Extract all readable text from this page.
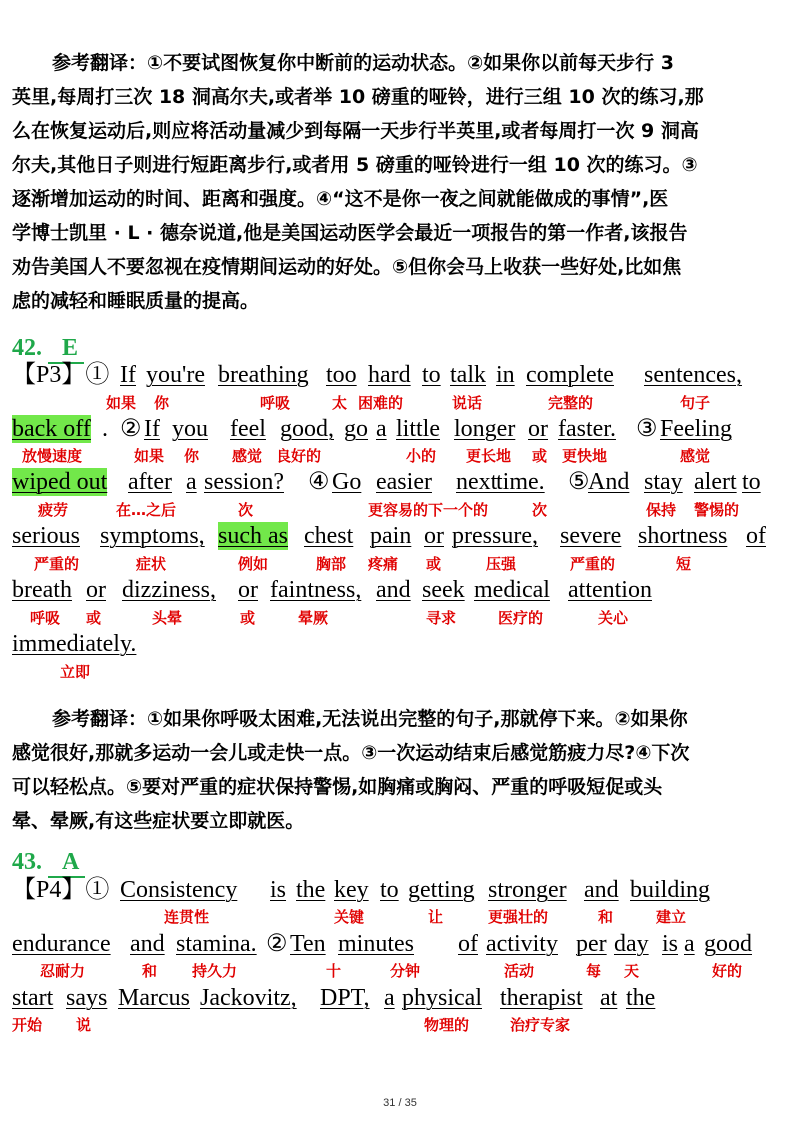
参考翻译：①不要试图恢复你中断前的运动状态。②如果你以前每天步行 3
英里,每周打三次 18 洞高尔夫,或者举 10 磅重的哑铃，进行三组 10 次的练习,那
么在恢复运动后,则应将活动量减少到每隔一天步行半英里,或者每周打一次 9 洞高
尔夫,其他日子则进行短距离步行,或者用 5 磅重的哑铃进行一组 10 次的练习。③
逐渐增加运动的时间、距离和强度。④“这不是你一夜之间就能做成的事情”,医
学博士凯里 · L · 德奈说道,他是美国运动医学会最近一项报告的第一作者,该报告
劝告美国人不要忽视在疫情期间运动的好处。⑤但你会马上收获一些好处,比如焦
虑的减轻和睡眠质量的提高。
42. E
【P3】① If you're breathing too hard to talk in complete sentences,
如果 你	呼吸	太 困难的	说话	完整的	句子
back off . ② If you feel good, go a little longer or faster. ③ Feeling
放慢速度	如果 你 感觉 良好的	小的 更长地 或 更快地	感觉
wiped out after a session? ④ Go easier next
time. ⑤
And stay alert to
疲劳	在…之后	次	更容易的下一个的	次	保持 警惕的
serious symptoms, such as chest pain or pressure, severe shortness of
严重的	症状	例如	胸部 疼痛 或	压强	严重的	短
breath or dizziness, or faintness, and seek medical attention
呼吸 或	头晕	或	晕厥	寻求	医疗的	关心
immediately.
立即
参考翻译：①如果你呼吸太困难,无法说出完整的句子,那就停下来。②如果你
感觉很好,那就多运动一会儿或走快一点。③一次运动结束后感觉筋疲力尽?④下次
可以轻松点。⑤要对严重的症状保持警惕,如胸痛或胸闷、严重的呼吸短促或头
晕、晕厥,有这些症状要立即就医。
43. A
【P4】① Consistency is the key to getting stronger and building
连贯性	关键	让	更强壮的	和	建立
endurance and stamina. ② Ten minutes of activity per day is a good
忍耐力	和 持久力	十	分钟	活动	每 天	好的
start says Marcus Jackovitz, DPT, a physical therapist at the
开始 说	物理的	治疗专家
31 / 35
